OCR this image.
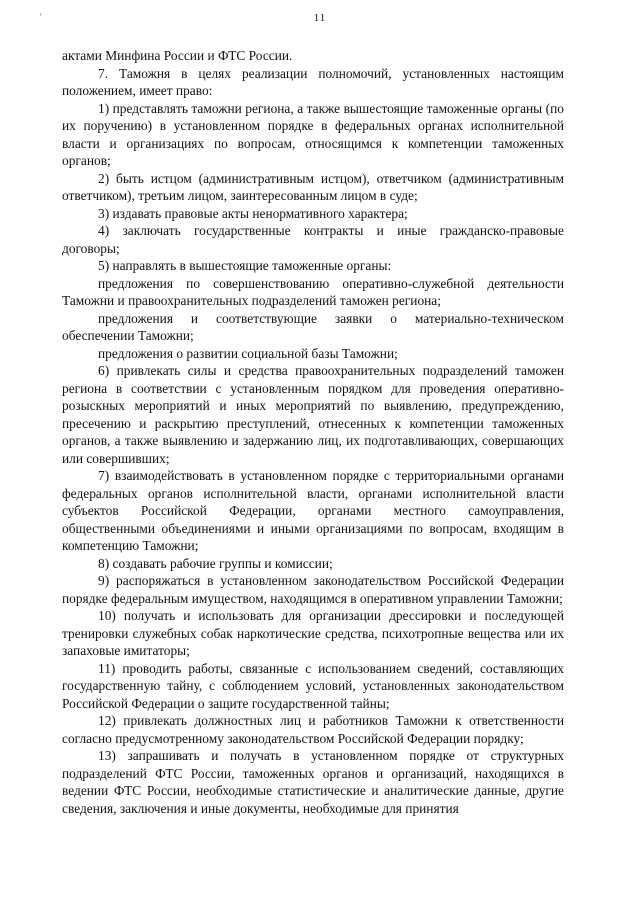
'	11

актами Минфина России и ФТС России.

7. Таможня в целях реализации полномочий, установленных настоящим положением, имеет право:

1) представлять таможни региона, а также вышестоящие таможенные органы (по их поручению) в установленном порядке в федеральных органах исполнительной власти и организациях по вопросам, относящимся к компетенции таможенных органов;

2) быть истцом (административным истцом), ответчиком (административным ответчиком), третьим лицом, заинтересованным лицом в суде;

3) издавать правовые акты ненормативного характера;

4) заключать государственные контракты и иные гражданско-правовые договоры;

5) направлять в вышестоящие таможенные органы:

предложения по совершенствованию оперативно-служебной деятельности Таможни и правоохранительных подразделений таможен региона;

предложения и соответствующие заявки о материально-техническом обеспечении Таможни;

предложения о развитии социальной базы Таможни;

6) привлекать силы и средства правоохранительных подразделений таможен региона в соответствии с установленным порядком для проведения оперативно-розыскных мероприятий и иных мероприятий по выявлению, предупреждению, пресечению и раскрытию преступлений, отнесенных к компетенции таможенных органов, а также выявлению и задержанию лиц, их подготавливающих, совершающих или совершивших;

7) взаимодействовать в установленном порядке с территориальными органами федеральных органов исполнительной власти, органами исполнительной власти субъектов Российской Федерации, органами местного самоуправления, общественными объединениями и иными организациями по вопросам, входящим в компетенцию Таможни;

8) создавать рабочие группы и комиссии;

9) распоряжаться в установленном законодательством Российской Федерации порядке федеральным имуществом, находящимся в оперативном управлении Таможни;

10) получать и использовать для организации дрессировки и последующей тренировки служебных собак наркотические средства, психотропные вещества или их запаховые имитаторы;

11) проводить работы, связанные с использованием сведений, составляющих государственную тайну, с соблюдением условий, установленных законодательством Российской Федерации о защите государственной тайны;

12) привлекать должностных лиц и работников Таможни к ответственности согласно предусмотренному законодательством Российской Федерации порядку;

13) запрашивать и получать в установленном порядке от структурных подразделений ФТС России, таможенных органов и организаций, находящихся в ведении ФТС России, необходимые статистические и аналитические данные, другие сведения, заключения и иные документы, необходимые для принятия
